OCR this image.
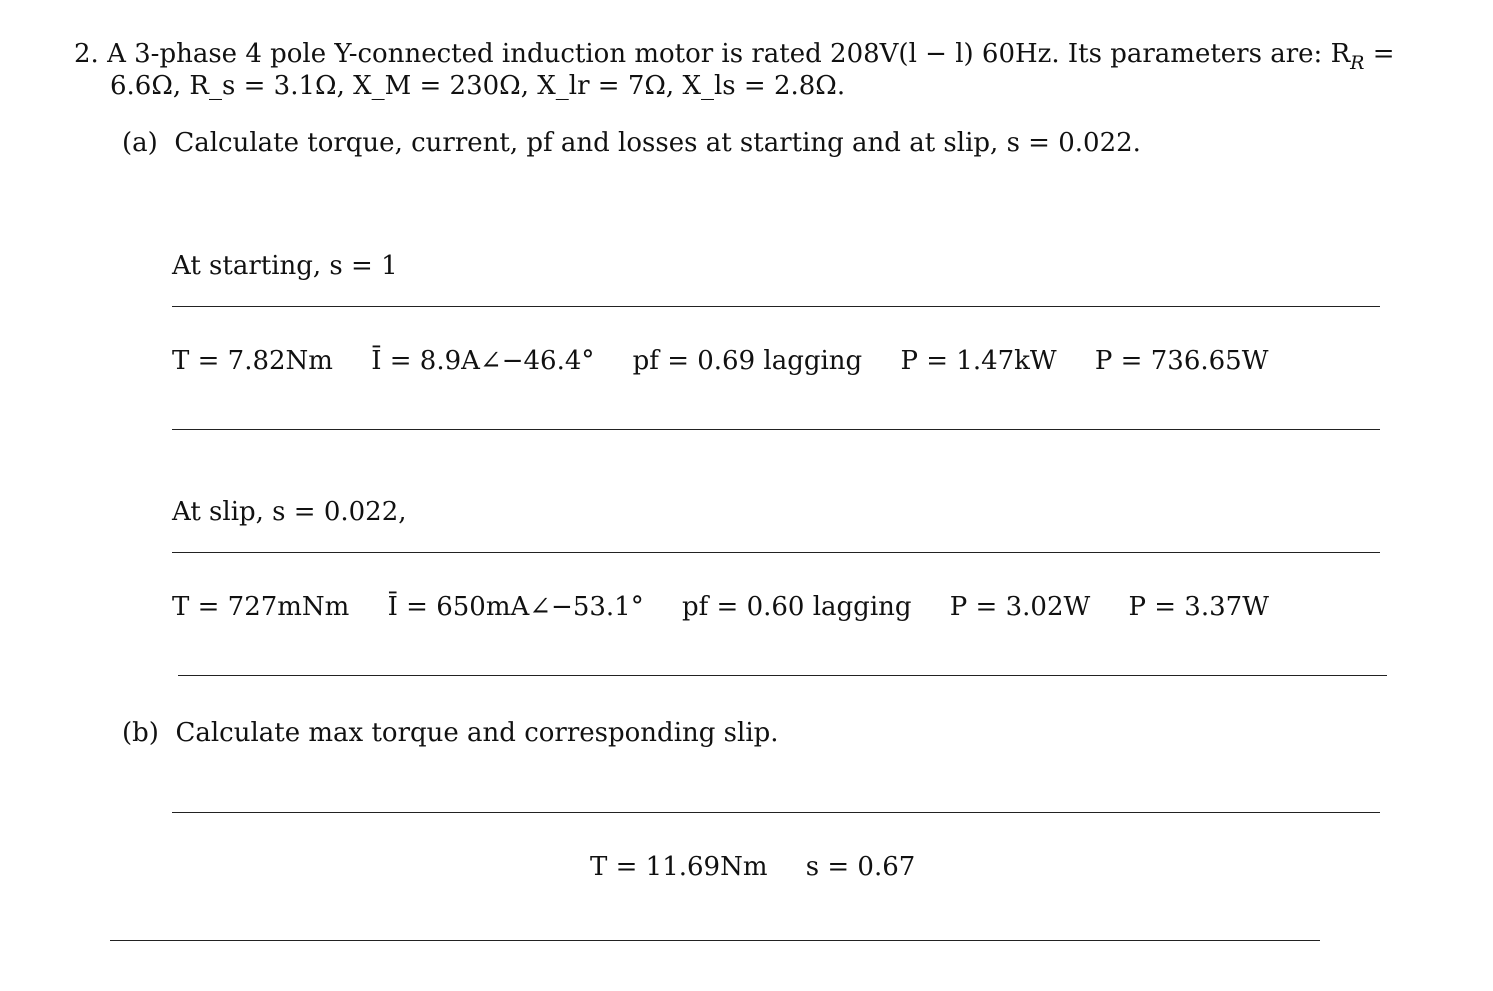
2. A 3-phase 4 pole Y-connected induction motor is rated 208V(l − l) 60Hz. Its parameters are: $R_R$ =
6.6Ω, R_s = 3.1Ω, X_M = 230Ω, X_lr = 7Ω, X_ls = 2.8Ω.
(a) Calculate torque, current, pf and losses at starting and at slip, s = 0.022.
At starting, s = 1
T = 7.82Nm Ī = 8.9A∠−46.4° pf = 0.69 lagging P = 1.47kW P = 736.65W
At slip, s = 0.022,
T = 727mNm Ī = 650mA∠−53.1° pf = 0.60 lagging P = 3.02W P = 3.37W
(b) Calculate max torque and corresponding slip.
T = 11.69Nm s = 0.67
